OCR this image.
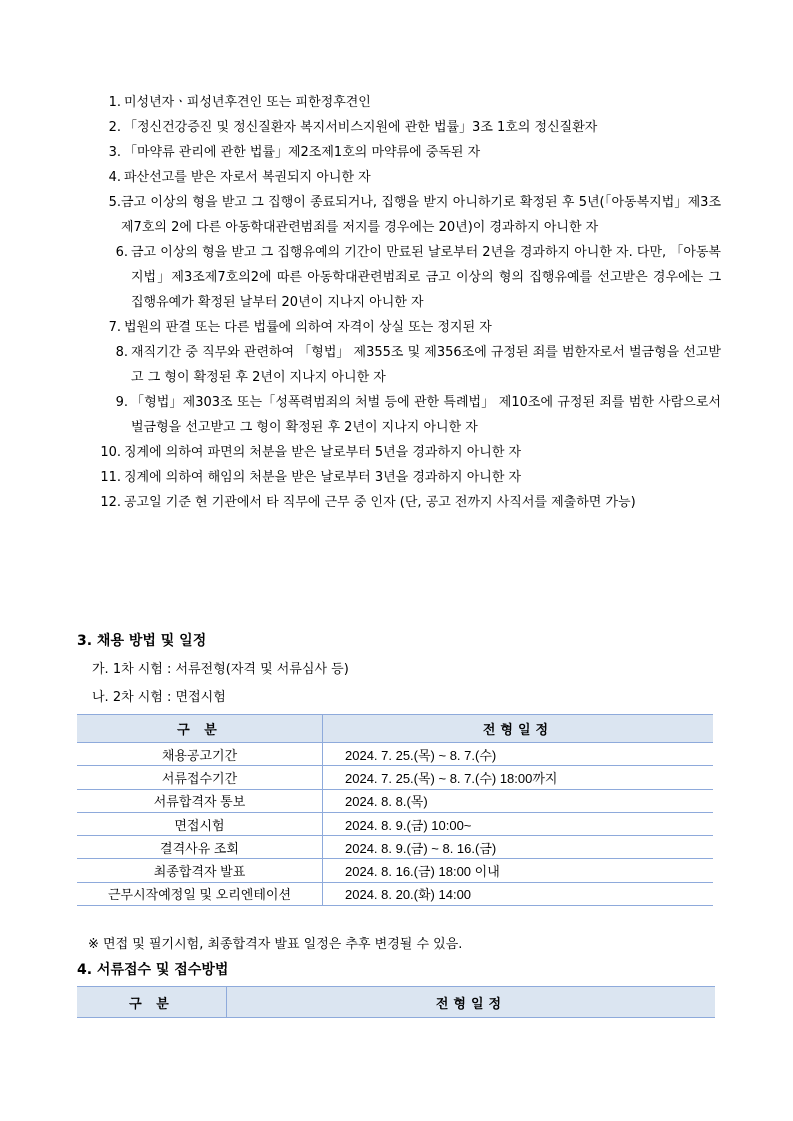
1. 미성년자ㆍ피성년후견인 또는 피한정후견인
2. 「정신건강증진 및 정신질환자 복지서비스지원에 관한 법률」3조 1호의 정신질환자
3. 「마약류 관리에 관한 법률」제2조제1호의 마약류에 중독된 자
4. 파산선고를 받은 자로서 복권되지 아니한 자
5. 금고 이상의 형을 받고 그 집행이 종료되거나, 집행을 받지 아니하기로 확정된 후 5년(「아동복지법」제3조 제7호의 2에 다른 아동학대관련범죄를 저지를 경우에는 20년)이 경과하지 아니한 자
6. 금고 이상의 형을 받고 그 집행유예의 기간이 만료된 날로부터 2년을 경과하지 아니한 자. 다만, 「아동복지법」제3조제7호의2에 따른 아동학대관련범죄로 금고 이상의 형의 집행유예를 선고받은 경우에는 그 집행유예가 확정된 날부터 20년이 지나지 아니한 자
7. 법원의 판결 또는 다른 법률에 의하여 자격이 상실 또는 정지된 자
8. 재직기간 중 직무와 관련하여 「형법」 제355조 및 제356조에 규정된 죄를 범한자로서 벌금형을 선고받고 그 형이 확정된 후 2년이 지나지 아니한 자
9. 「형법」제303조 또는「성폭력범죄의 처벌 등에 관한 특례법」 제10조에 규정된 죄를 범한 사람으로서 벌금형을 선고받고 그 형이 확정된 후 2년이 지나지 아니한 자
10. 징계에 의하여 파면의 처분을 받은 날로부터 5년을 경과하지 아니한 자
11. 징계에 의하여 해임의 처분을 받은 날로부터 3년을 경과하지 아니한 자
12. 공고일 기준 현 기관에서 타 직무에 근무 중 인자 (단, 공고 전까지 사직서를 제출하면 가능)
3. 채용 방법 및 일정
가. 1차 시험 : 서류전형(자격 및 서류심사 등)
나. 2차 시험 : 면접시험
구 분	전형일정
채용공고기간	2024. 7. 25.(목) ~ 8. 7.(수)
서류접수기간	2024. 7. 25.(목) ~ 8. 7.(수) 18:00까지
서류합격자 통보	2024. 8. 8.(목)
면접시험	2024. 8. 9.(금) 10:00~
결격사유 조회	2024. 8. 9.(금) ~ 8. 16.(금)
최종합격자 발표	2024. 8. 16.(금) 18:00 이내
근무시작예정일 및 오리엔테이션	2024. 8. 20.(화) 14:00
※ 면접 및 필기시험, 최종합격자 발표 일정은 추후 변경될 수 있음.
4. 서류접수 및 접수방법
구 분	전형일정
